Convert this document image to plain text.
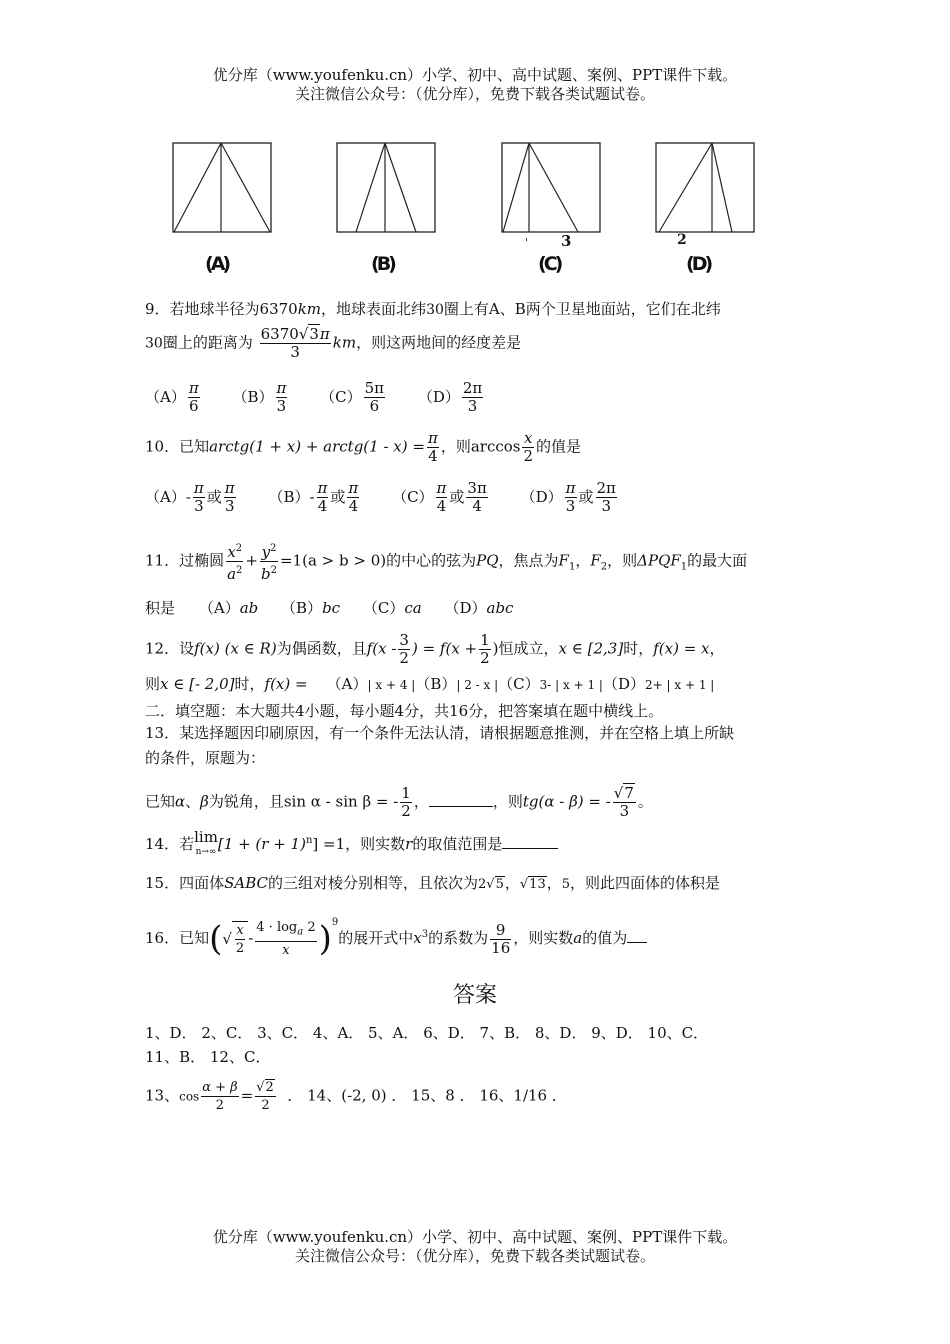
优分库（www.youfenku.cn）小学、初中、高中试题、案例、PPT课件下载。
关注微信公众号：（优分库），免费下载各类试题试卷。
' 3	2
(A)	(B)	(C)	(D)
9．若地球半径为6370km，地球表面北纬30圈上有A、B两个卫星地面站，它们在北纬
30圈上的距离为 $\frac{6370√3\pi}{3}$ km，则这两地间的经度差是
$(A) \frac{\pi}{6} (B) \frac{\pi}{3} (C) \frac{5\pi}{6} (D) \frac{2\pi}{3}$
10．已知arctg(1 + x) + arctg(1 - $x) = \frac{\pi}{4}$ ，则$\arccos \frac{x}{2}$ 的值是
$(A)- \frac{\pi}{3}$ 或 $\frac{\pi}{3} (B)- \frac{\pi}{4}$ 或 $\frac{\pi}{4} (C) \frac{\pi}{4}$ 或 $\frac{3\pi}{4} (D) \frac{\pi}{3}$ 或 $\frac{2\pi}{3}$
11．过椭圆 $\frac{x^2}{a^2} + \frac{y^2}{b^2} =1(a > b > 0)$的中心的弦为PQ，焦点为$F_1$，$F_2$，则$\Delta PQF_1$的最大面
积是 （A）ab （B）bc （C）ca （D）abc
12．设f(x) (x ∈ R)为偶函数，且$f(x - \frac{3}{2}$ ) = $f(x + \frac{1}{2}$ )恒成立，x ∈ [2,3]时，f(x) = x，
则x ∈ [- 2,0]时，f(x) = （A）| x + 4 |（B）| 2 - x |（C）3- | x + 1 |（D）2+ | x + 1 |
二．填空题：本大题共4小题，每小题4分，共16分，把答案填在题中横线上。
13．某选择题因印刷原因，有一个条件无法认清，请根据题意推测，并在空格上填上所缺
的条件，原题为：
已知α、β为锐角，且sin α - sin β = - $\frac{1}{2}$ ，	，则tg(α - β) = - $\frac{√7}{3}$ 。
14．若 lim
n→∞ $[1 + (r + 1)^n] =1$，则实数r的取值范围是
15．四面体SABC的三组对棱分别相等，且依次为2√5，√13，5，则此四面体的体积是
16．已知(√ $\frac{x}{2} - \frac{4 \cdot \log_a 2}{x} )^9$的展开式中$x^3$的系数为 $\frac{9}{16}$ ，则实数a的值为
答案
1、D． 2、C． 3、C． 4、A． 5、A． 6、D． 7、B． 8、D． 9、D． 10、C．
11、B． 12、C．
13、$\cos \frac{\alpha + \beta}{2} = \frac{√2}{2}$ ． 14、(-2, 0) ． 15、8 ． 16、1/16 ．
优分库（www.youfenku.cn）小学、初中、高中试题、案例、PPT课件下载。
关注微信公众号：（优分库），免费下载各类试题试卷。
